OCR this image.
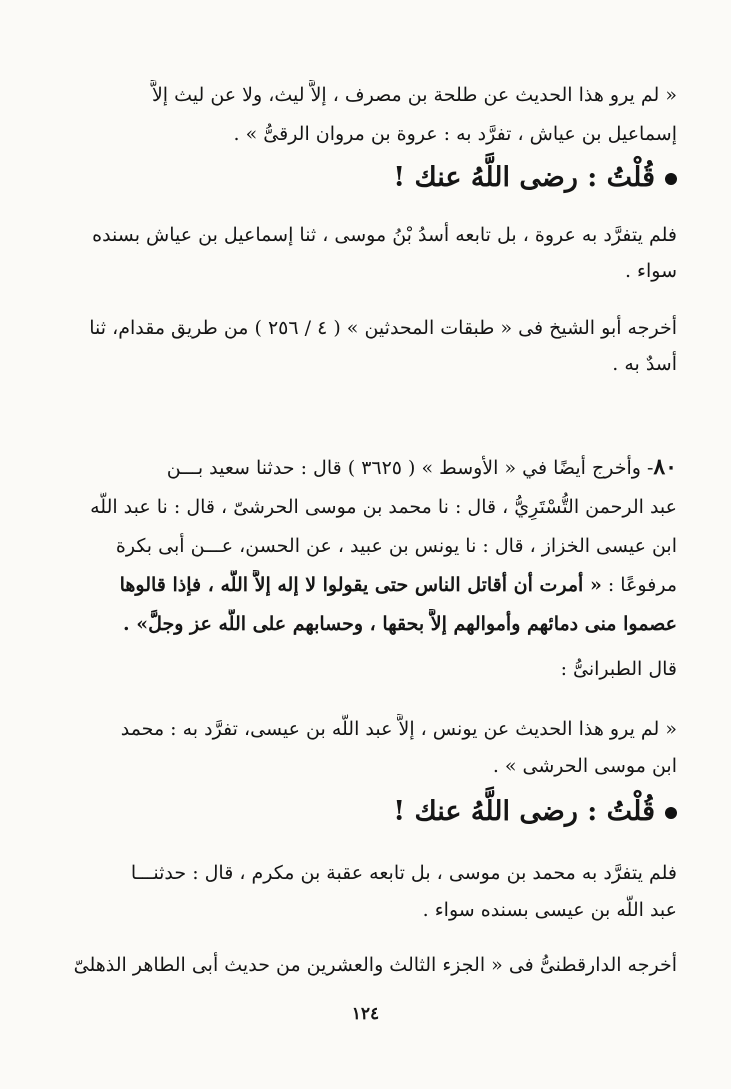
« لم يرو هذا الحديث عن طلحة بن مصرف ، إلاَّ ليث، ولا عن ليث إلاَّ
إسماعيل بن عياش ، تفرَّد به : عروة بن مروان الرقىُّ » .
قُلْتُ : رضى اللَّهُ عنك !
فلم يتفرَّد به عروة ، بل تابعه أسدُ بْنُ موسى ، ثنا إسماعيل بن عياش بسنده
سواء .
أخرجه أبو الشيخ فى « طبقات المحدثين » ( ٤ / ٢٥٦ ) من طريق مقدام، ثنا
أسدٌ به .
٨٠- وأخرج أيضًا في « الأوسط » ( ٣٦٢٥ ) قال : حدثنا سعيد بـــن
عبد الرحمن التُّسْتَرِيُّ ، قال : نا محمد بن موسى الحرشىّ ، قال : نا عبد اللَّه
ابن عيسى الخزاز ، قال : نا يونس بن عبيد ، عن الحسن، عـــن أبى بكرة
مرفوعًا : « أمرت أن أقاتل الناس حتى يقولوا لا إله إلاَّ اللَّه ، فإذا قالوها
عصموا منى دمائهم وأموالهم إلاَّ بحقها ، وحسابهم على اللَّه عز وجلَّ» .
قال الطبرانىُّ :
« لم يرو هذا الحديث عن يونس ، إلاَّ عبد اللَّه بن عيسى، تفرَّد به : محمد
ابن موسى الحرشى » .
قُلْتُ : رضى اللَّهُ عنك !
فلم يتفرَّد به محمد بن موسى ، بل تابعه عقبة بن مكرم ، قال : حدثنـــا
عبد اللَّه بن عيسى بسنده سواء .
أخرجه الدارقطنىُّ فى « الجزء الثالث والعشرين من حديث أبى الطاهر الذهلىّ
١٢٤
